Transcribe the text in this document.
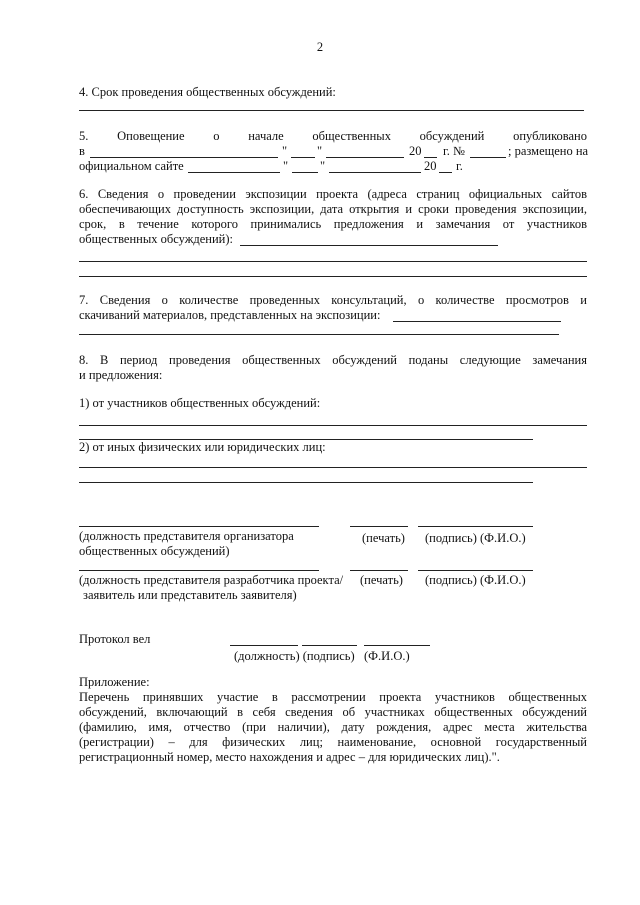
2
4. Срок проведения общественных обсуждений:
5. Оповещение о начале общественных обсуждений опубликовано
в	" "	20 г. №	; размещено на
официальном сайте	"	"	20 г.
6. Сведения о проведении экспозиции проекта (адреса страниц официальных сайтов
обеспечивающих доступность экспозиции, дата открытия и сроки проведения экспозиции,
срок, в течение которого принимались предложения и замечания от участников
общественных обсуждений):
7. Сведения о количестве проведенных консультаций, о количестве просмотров и
скачиваний материалов, представленных на экспозиции:
8. В период проведения общественных обсуждений поданы следующие замечания
и предложения:
1) от участников общественных обсуждений:
2) от иных физических или юридических лиц:
(должность представителя организатора
общественных обсуждений)
(печать) (подпись) (Ф.И.О.)
(должность представителя разработчика проекта/
заявитель или представитель заявителя)
(печать) (подпись) (Ф.И.О.)
Протокол вел
(должность) (подпись)   (Ф.И.О.)
Приложение:
Перечень принявших участие в рассмотрении проекта участников общественных
обсуждений, включающий в себя сведения об участниках общественных обсуждений
(фамилию, имя, отчество (при наличии), дату рождения, адрес места жительства
(регистрации) – для физических лиц; наименование, основной государственный
регистрационный номер, место нахождения и адрес – для юридических лиц).".
